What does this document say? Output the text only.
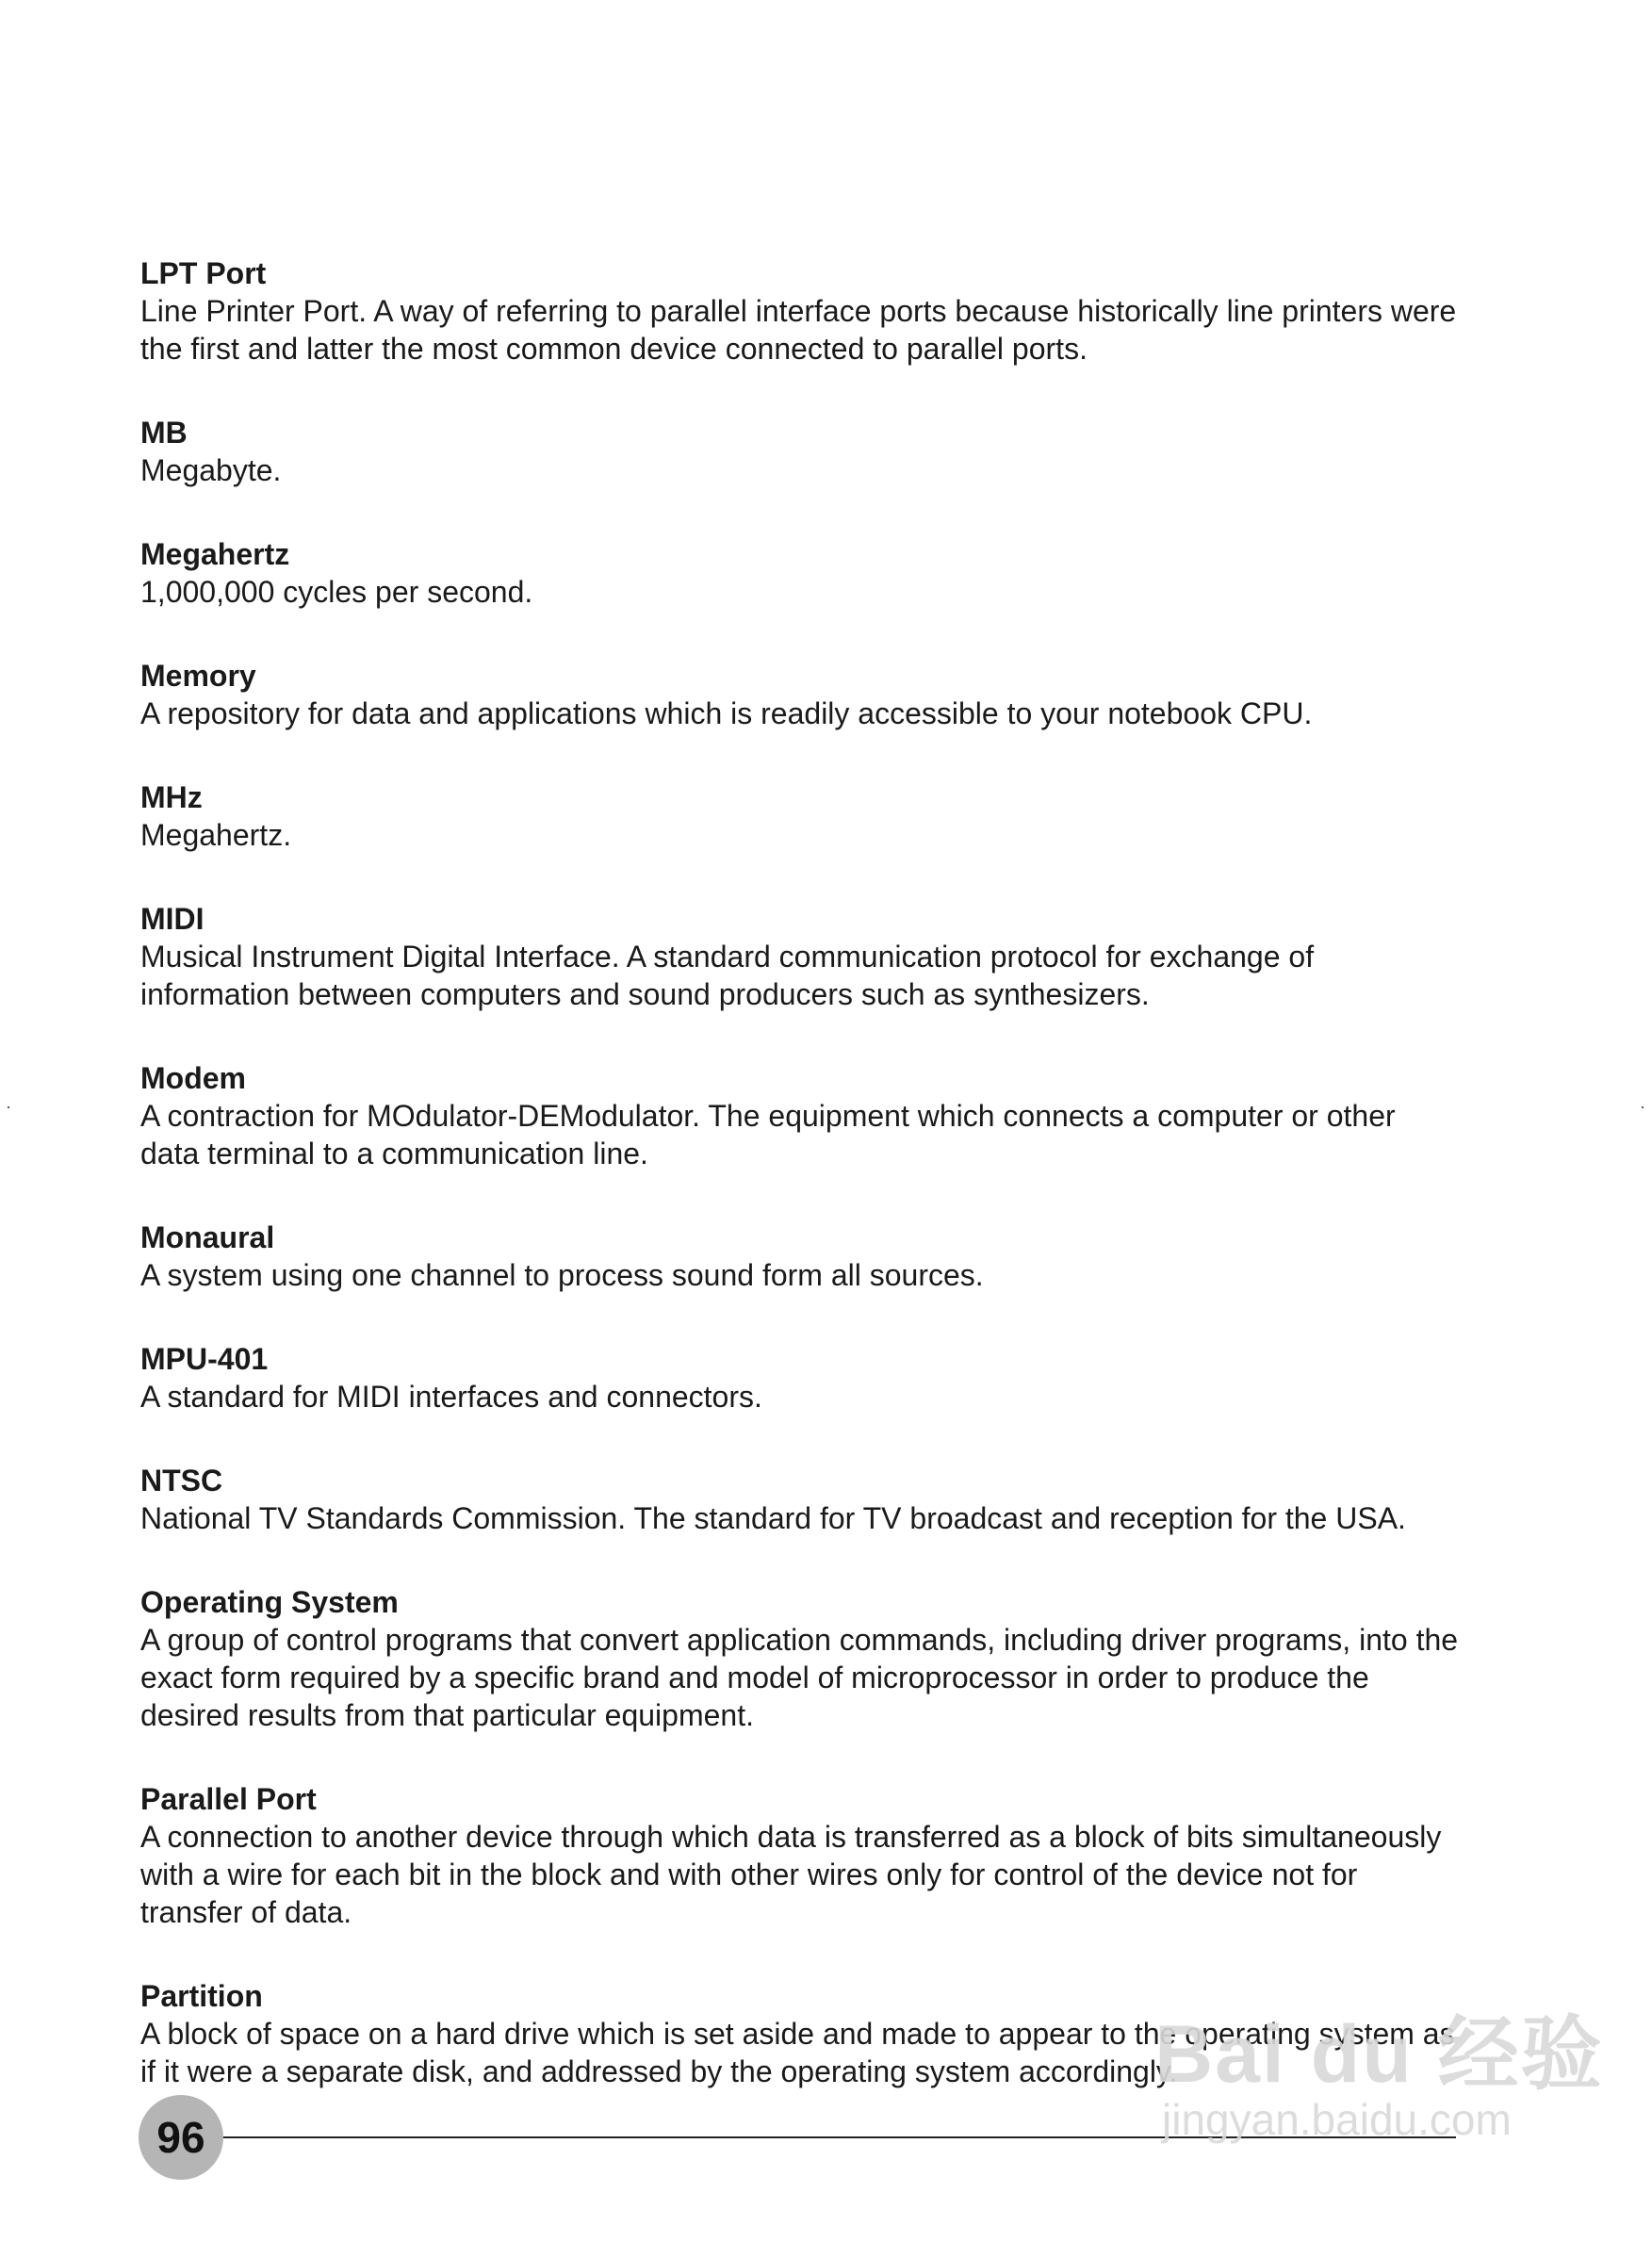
LPT Port

Line Printer Port. A way of referring to parallel interface ports because historically line printers were the first and latter the most common device connected to parallel ports.

MB

Megabyte.

Megahertz

1,000,000 cycles per second.

Memory

A repository for data and applications which is readily accessible to your notebook CPU.

MHz

Megahertz.

MIDI

Musical Instrument Digital Interface. A standard communication protocol for exchange of information between computers and sound producers such as synthesizers.

Modem

A contraction for MOdulator-DEModulator. The equipment which connects a computer or other data terminal to a communication line.

Monaural

A system using one channel to process sound form all sources.

MPU-401

A standard for MIDI interfaces and connectors.

NTSC

National TV Standards Commission. The standard for TV broadcast and reception for the USA.

Operating System

A group of control programs that convert application commands, including driver programs, into the exact form required by a specific brand and model of microprocessor in order to produce the desired results from that particular equipment.

Parallel Port

A connection to another device through which data is transferred as a block of bits simultaneously with a wire for each bit in the block and with other wires only for control of the device not for transfer of data.

Partition

A block of space on a hard drive which is set aside and made to appear to the operating system as if it were a separate disk, and addressed by the operating system accordingly.

96
Bai du 经验
jingyan.baidu.com
